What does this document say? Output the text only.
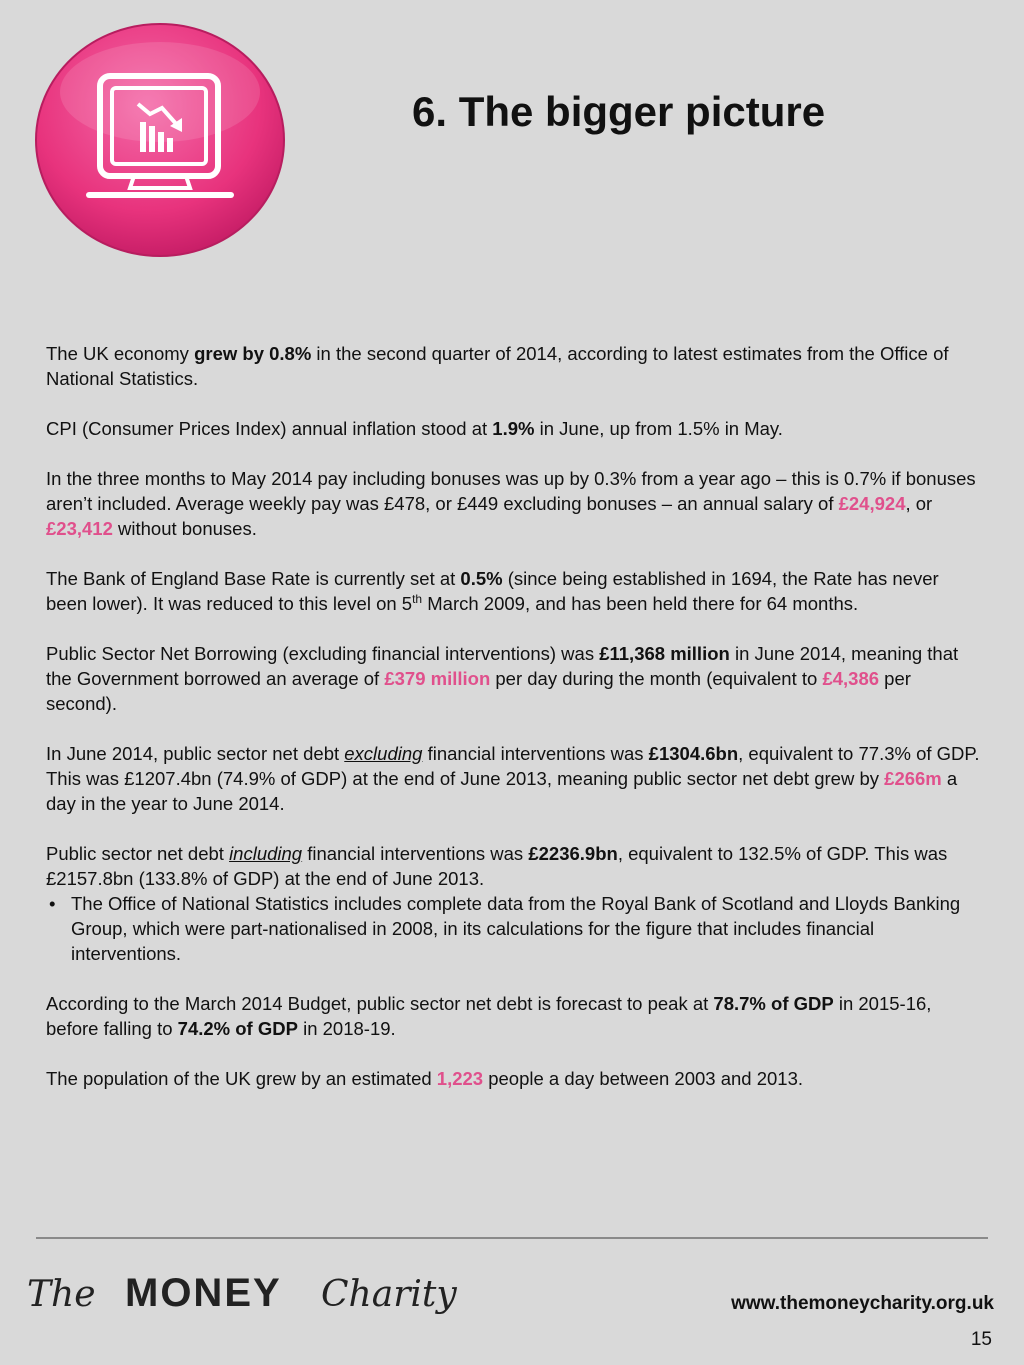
6. The bigger picture

The UK economy grew by 0.8% in the second quarter of 2014, according to latest estimates from the Office of National Statistics.

CPI (Consumer Prices Index) annual inflation stood at 1.9% in June, up from 1.5% in May.

In the three months to May 2014 pay including bonuses was up by 0.3% from a year ago – this is 0.7% if bonuses aren’t included. Average weekly pay was £478, or £449 excluding bonuses – an annual salary of £24,924, or £23,412 without bonuses.

The Bank of England Base Rate is currently set at 0.5% (since being established in 1694, the Rate has never been lower). It was reduced to this level on 5th March 2009, and has been held there for 64 months.

Public Sector Net Borrowing (excluding financial interventions) was £11,368 million in June 2014, meaning that the Government borrowed an average of £379 million per day during the month (equivalent to £4,386 per second).

In June 2014, public sector net debt excluding financial interventions was £1304.6bn, equivalent to 77.3% of GDP. This was £1207.4bn (74.9% of GDP) at the end of June 2013, meaning public sector net debt grew by £266m a day in the year to June 2014.

Public sector net debt including financial interventions was £2236.9bn, equivalent to 132.5% of GDP. This was £2157.8bn (133.8% of GDP) at the end of June 2013.

• The Office of National Statistics includes complete data from the Royal Bank of Scotland and Lloyds Banking Group, which were part-nationalised in 2008, in its calculations for the figure that includes financial interventions.

According to the March 2014 Budget, public sector net debt is forecast to peak at 78.7% of GDP in 2015-16, before falling to 74.2% of GDP in 2018-19.

The population of the UK grew by an estimated 1,223 people a day between 2003 and 2013.

The MONEY Charity	www.themoneycharity.org.uk
15
